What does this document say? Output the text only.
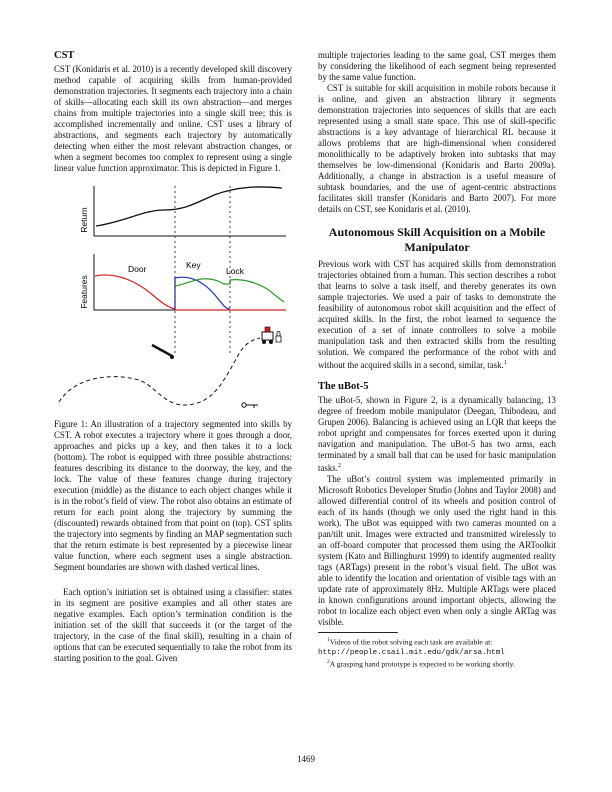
CST

CST (Konidaris et al. 2010) is a recently developed skill discovery method capable of acquiring skills from human-provided demonstration trajectories. It segments each trajectory into a chain of skills—allocating each skill its own abstraction—and merges chains from multiple trajectories into a single skill tree; this is accomplished incrementally and online. CST uses a library of abstractions, and segments each trajectory by automatically detecting when either the most relevant abstraction changes, or when a segment becomes too complex to represent using a single linear value function approximator. This is depicted in Figure 1.

Return
Features
Door	Key
Lock

Figure 1: An illustration of a trajectory segmented into skills by CST. A robot executes a trajectory where it goes through a door, approaches and picks up a key, and then takes it to a lock (bottom). The robot is equipped with three possible abstractions: features describing its distance to the doorway, the key, and the lock. The value of these features change during trajectory execution (middle) as the distance to each object changes while it is in the robot’s field of view. The robot also obtains an estimate of return for each point along the trajectory by summing the (discounted) rewards obtained from that point on (top). CST splits the trajectory into segments by finding an MAP segmentation such that the return estimate is best represented by a piecewise linear value function, where each segment uses a single abstraction. Segment boundaries are shown with dashed vertical lines.

Each option’s initiation set is obtained using a classifier: states in its segment are positive examples and all other states are negative examples. Each option’s termination condition is the initiation set of the skill that succeeds it (or the target of the trajectory, in the case of the final skill), resulting in a chain of options that can be executed sequentially to take the robot from its starting position to the goal. Given

multiple trajectories leading to the same goal, CST merges them by considering the likelihood of each segment being represented by the same value function.

CST is suitable for skill acquisition in mobile robots because it is online, and given an abstraction library it segments demonstration trajectories into sequences of skills that are each represented using a small state space. This use of skill-specific abstractions is a key advantage of hierarchical RL because it allows problems that are high-dimensional when considered monolithically to be adaptively broken into subtasks that may themselves be low-dimensional (Konidaris and Barto 2009a). Additionally, a change in abstraction is a useful measure of subtask boundaries, and the use of agent-centric abstractions facilitates skill transfer (Konidaris and Barto 2007). For more details on CST, see Konidaris et al. (2010).

Autonomous Skill Acquisition on a Mobile Manipulator

Previous work with CST has acquired skills from demonstration trajectories obtained from a human. This section describes a robot that learns to solve a task itself, and thereby generates its own sample trajectories. We used a pair of tasks to demonstrate the feasibility of autonomous robot skill acquisition and the effect of acquired skills. In the first, the robot learned to sequence the execution of a set of innate controllers to solve a mobile manipulation task and then extracted skills from the resulting solution. We compared the performance of the robot with and without the acquired skills in a second, similar, task.$^1$

The uBot-5

The uBot-5, shown in Figure 2, is a dynamically balancing, 13 degree of freedom mobile manipulator (Deegan, Thibodeau, and Grupen 2006). Balancing is achieved using an LQR that keeps the robot upright and compensates for forces exerted upon it during navigation and manipulation. The uBot-5 has two arms, each terminated by a small ball that can be used for basic manipulation tasks.$^2$

The uBot’s control system was implemented primarily in Microsoft Robotics Developer Studio (Johns and Taylor 2008) and allowed differential control of its wheels and position control of each of its hands (though we only used the right hand in this work). The uBot was equipped with two cameras mounted on a pan/tilt unit. Images were extracted and transmitted wirelessly to an off-board computer that processed them using the ARToolkit system (Kato and Billinghurst 1999) to identify augmented reality tags (ARTags) present in the robot’s visual field. The uBot was able to identify the location and orientation of visible tags with an update rate of approximately 8Hz. Multiple ARTags were placed in known configurations around important objects, allowing the robot to localize each object even when only a single ARTag was visible.

$^1$Videos of the robot solving each task are available at:

http://people.csail.mit.edu/gdk/arsa.html

$^2$A grasping hand prototype is expected to be working shortly.

1469
